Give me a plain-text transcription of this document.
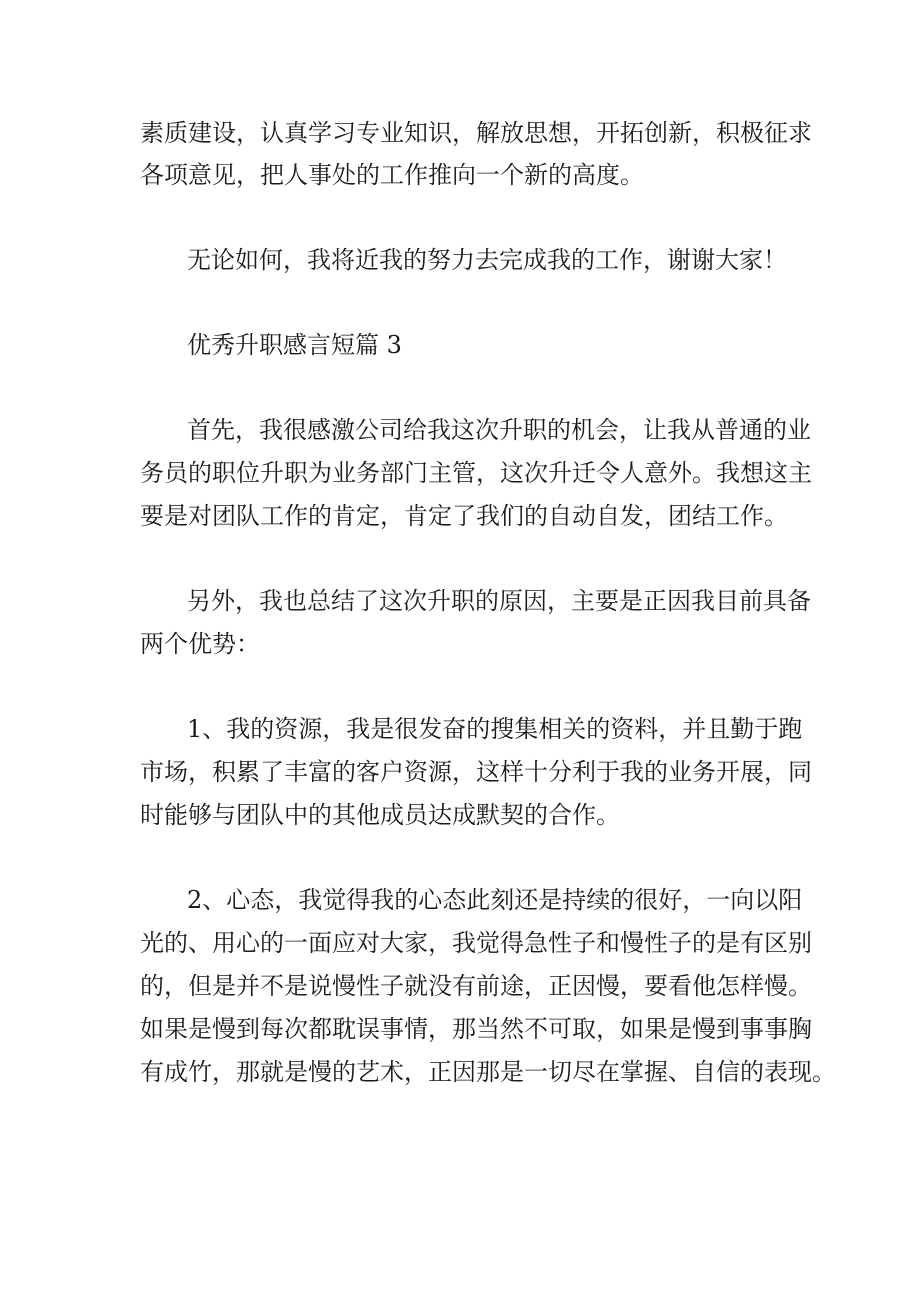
素质建设，认真学习专业知识，解放思想，开拓创新，积极征求
各项意见，把人事处的工作推向一个新的高度。
无论如何，我将近我的努力去完成我的工作，谢谢大家！
优秀升职感言短篇 3
首先，我很感激公司给我这次升职的机会，让我从普通的业
务员的职位升职为业务部门主管，这次升迁令人意外。我想这主
要是对团队工作的肯定，肯定了我们的自动自发，团结工作。
另外，我也总结了这次升职的原因，主要是正因我目前具备
两个优势：
1、我的资源，我是很发奋的搜集相关的资料，并且勤于跑
市场，积累了丰富的客户资源，这样十分利于我的业务开展，同
时能够与团队中的其他成员达成默契的合作。
2、心态，我觉得我的心态此刻还是持续的很好，一向以阳
光的、用心的一面应对大家，我觉得急性子和慢性子的是有区别
的，但是并不是说慢性子就没有前途，正因慢，要看他怎样慢。
如果是慢到每次都耽误事情，那当然不可取，如果是慢到事事胸
有成竹，那就是慢的艺术，正因那是一切尽在掌握、自信的表现。
